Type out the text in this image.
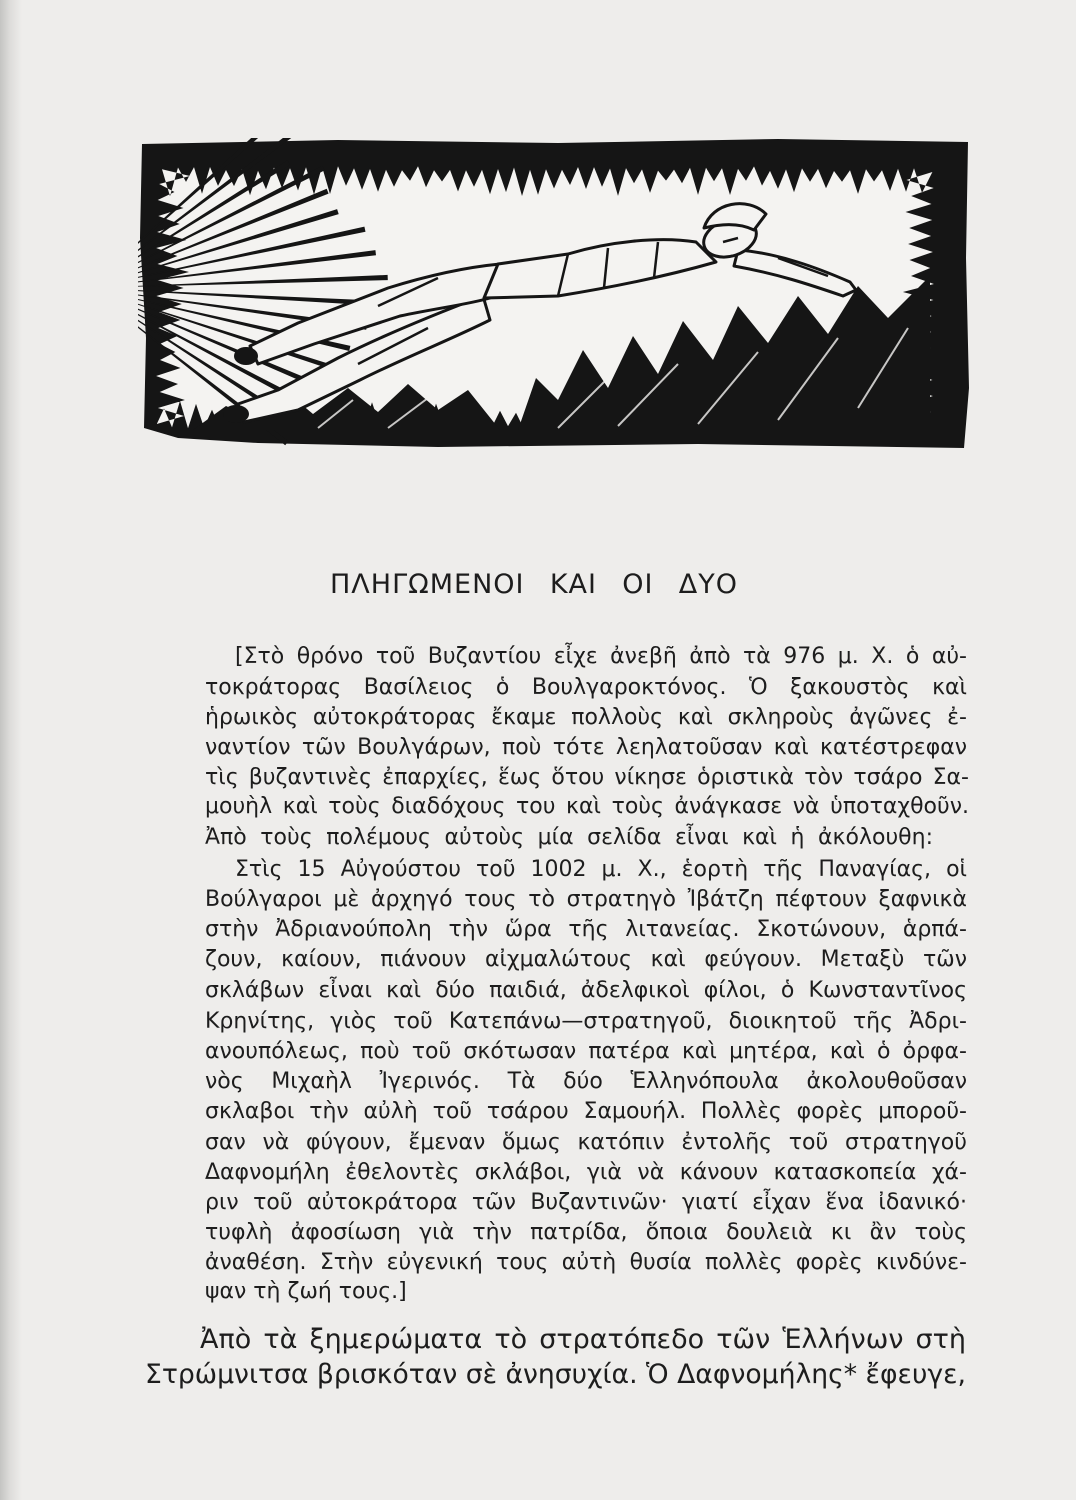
ΠΛΗΓΩΜΕΝΟΙ ΚΑΙ ΟΙ ΔΥΟ
[Στὸ θρόνο τοῦ Βυζαντίου εἶχε ἀνεβῆ ἀπὸ τὰ 976 μ. Χ. ὁ αὐ-
τοκράτορας Βασίλειος ὁ Βουλγαροκτόνος. Ὁ ξακουστὸς καὶ
ἡρωικὸς αὐτοκράτορας ἔκαμε πολλοὺς καὶ σκληροὺς ἀγῶνες ἐ-
ναντίον τῶν Βουλγάρων, ποὺ τότε λεηλατοῦσαν καὶ κατέστρεφαν
τὶς βυζαντινὲς ἐπαρχίες, ἕως ὅτου νίκησε ὁριστικὰ τὸν τσάρο Σα-
μουὴλ καὶ τοὺς διαδόχους του καὶ τοὺς ἀνάγκασε νὰ ὑποταχθοῦν.
Ἀπὸ τοὺς πολέμους αὐτοὺς μία σελίδα εἶναι καὶ ἡ ἀκόλουθη:
Στὶς 15 Αὐγούστου τοῦ 1002 μ. Χ., ἑορτὴ τῆς Παναγίας, οἱ
Βούλγαροι μὲ ἀρχηγό τους τὸ στρατηγὸ Ἰβάτζη πέφτουν ξαφνικὰ
στὴν Ἀδριανούπολη τὴν ὥρα τῆς λιτανείας. Σκοτώνουν, ἁρπά-
ζουν, καίουν, πιάνουν αἰχμαλώτους καὶ φεύγουν. Μεταξὺ τῶν
σκλάβων εἶναι καὶ δύο παιδιά, ἀδελφικοὶ φίλοι, ὁ Κωνσταντῖνος
Κρηνίτης, γιὸς τοῦ Κατεπάνω—στρατηγοῦ, διοικητοῦ τῆς Ἀδρι-
ανουπόλεως, ποὺ τοῦ σκότωσαν πατέρα καὶ μητέρα, καὶ ὁ ὀρφα-
νὸς Μιχαὴλ Ἰγερινός. Τὰ δύο Ἑλληνόπουλα ἀκολουθοῦσαν
σκλαβοι τὴν αὐλὴ τοῦ τσάρου Σαμουήλ. Πολλὲς φορὲς μποροῦ-
σαν νὰ φύγουν, ἔμεναν ὅμως κατόπιν ἐντολῆς τοῦ στρατηγοῦ
Δαφνομήλη ἐθελοντὲς σκλάβοι, γιὰ νὰ κάνουν κατασκοπεία χά-
ριν τοῦ αὐτοκράτορα τῶν Βυζαντινῶν· γιατί εἶχαν ἕνα ἰδανικό·
τυφλὴ ἀφοσίωση γιὰ τὴν πατρίδα, ὅποια δουλειὰ κι ἂν τοὺς
ἀναθέση. Στὴν εὐγενική τους αὐτὴ θυσία πολλὲς φορὲς κινδύνε-
ψαν τὴ ζωή τους.]
Ἀπὸ τὰ ξημερώματα τὸ στρατόπεδο τῶν Ἑλλήνων στὴ
Στρώμνιτσα βρισκόταν σὲ ἀνησυχία. Ὁ Δαφνομήλης* ἔφευγε,
